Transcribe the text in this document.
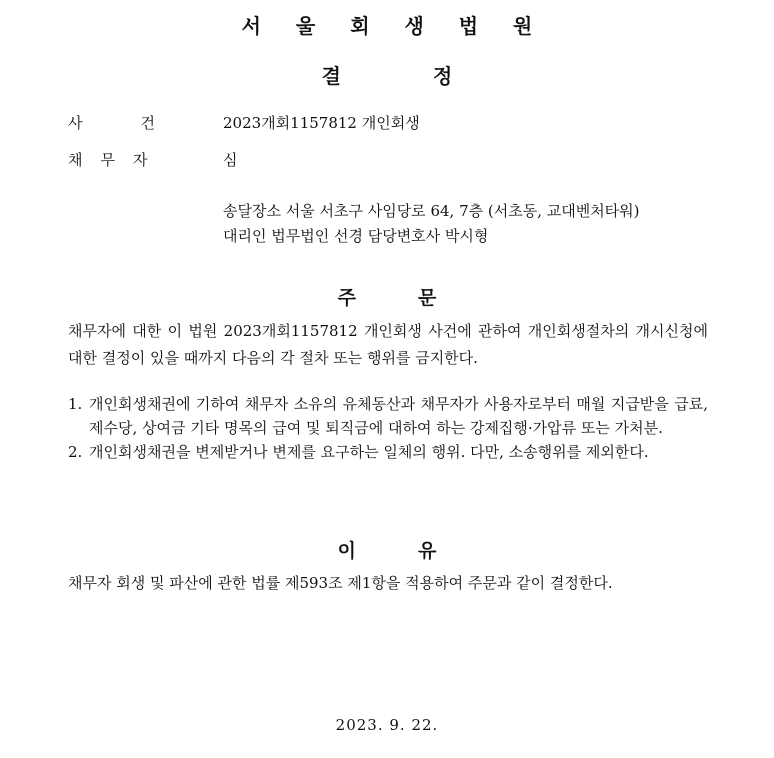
서 울 회 생 법 원
결	정
사건 2023개회1157812 개인회생
채무자	심
송달장소 서울 서초구 사임당로 64, 7층 (서초동, 교대벤처타워)
대리인 법무법인 선경 담당변호사 박시형
주	문
채무자에 대한 이 법원 2023개회1157812 개인회생 사건에 관하여 개인회생절차의 개시신청에 대한 결정이 있을 때까지 다음의 각 절차 또는 행위를 금지한다.
1. 개인회생채권에 기하여 채무자 소유의 유체동산과 채무자가 사용자로부터 매월 지급받을 급료, 제수당, 상여금 기타 명목의 급여 및 퇴직금에 대하여 하는 강제집행·가압류 또는 가처분.
2. 개인회생채권을 변제받거나 변제를 요구하는 일체의 행위. 다만, 소송행위를 제외한다.
이	유
채무자 회생 및 파산에 관한 법률 제593조 제1항을 적용하여 주문과 같이 결정한다.
2023. 9. 22.
